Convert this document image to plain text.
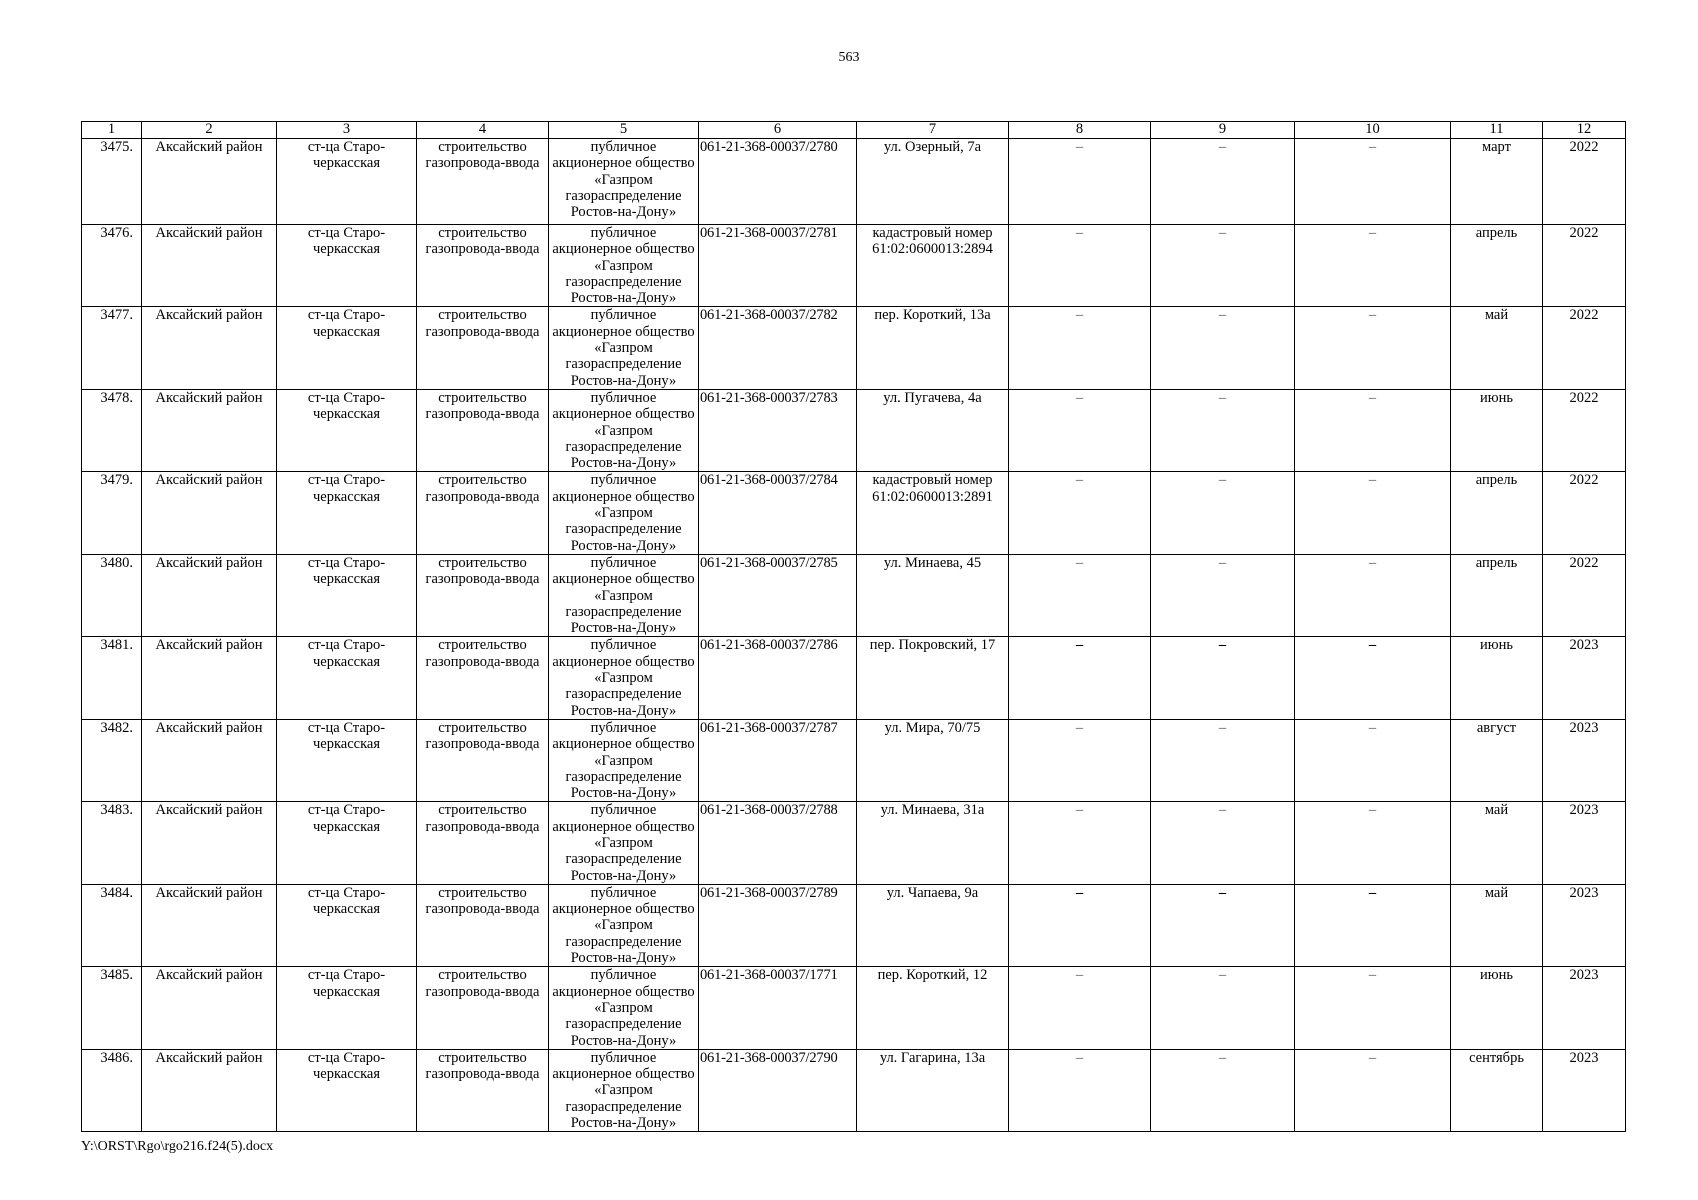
563
1	2	3	4	5	6	7	8	9	10	11	12
3475.	Аксайский район	ст-ца Старо-черкасская	строительство газопровода-ввода	публичное акционерное общество «Газпром газораспределение Ростов-на-Дону»	061-21-368-00037/2780	ул. Озерный, 7а	–	–	–	март	2022
3476.	Аксайский район	ст-ца Старо-черкасская	строительство газопровода-ввода	публичное акционерное общество «Газпром газораспределение Ростов-на-Дону»	061-21-368-00037/2781	кадастровый номер 61:02:0600013:2894	–	–	–	апрель	2022
3477.	Аксайский район	ст-ца Старо-черкасская	строительство газопровода-ввода	публичное акционерное общество «Газпром газораспределение Ростов-на-Дону»	061-21-368-00037/2782	пер. Короткий, 13а	–	–	–	май	2022
3478.	Аксайский район	ст-ца Старо-черкасская	строительство газопровода-ввода	публичное акционерное общество «Газпром газораспределение Ростов-на-Дону»	061-21-368-00037/2783	ул. Пугачева, 4а	–	–	–	июнь	2022
3479.	Аксайский район	ст-ца Старо-черкасская	строительство газопровода-ввода	публичное акционерное общество «Газпром газораспределение Ростов-на-Дону»	061-21-368-00037/2784	кадастровый номер 61:02:0600013:2891	–	–	–	апрель	2022
3480.	Аксайский район	ст-ца Старо-черкасская	строительство газопровода-ввода	публичное акционерное общество «Газпром газораспределение Ростов-на-Дону»	061-21-368-00037/2785	ул. Минаева, 45	–	–	–	апрель	2022
3481.	Аксайский район	ст-ца Старо-черкасская	строительство газопровода-ввода	публичное акционерное общество «Газпром газораспределение Ростов-на-Дону»	061-21-368-00037/2786	пер. Покровский, 17	–	–	–	июнь	2023
3482.	Аксайский район	ст-ца Старо-черкасская	строительство газопровода-ввода	публичное акционерное общество «Газпром газораспределение Ростов-на-Дону»	061-21-368-00037/2787	ул. Мира, 70/75	–	–	–	август	2023
3483.	Аксайский район	ст-ца Старо-черкасская	строительство газопровода-ввода	публичное акционерное общество «Газпром газораспределение Ростов-на-Дону»	061-21-368-00037/2788	ул. Минаева, 31а	–	–	–	май	2023
3484.	Аксайский район	ст-ца Старо-черкасская	строительство газопровода-ввода	публичное акционерное общество «Газпром газораспределение Ростов-на-Дону»	061-21-368-00037/2789	ул. Чапаева, 9а	–	–	–	май	2023
3485.	Аксайский район	ст-ца Старо-черкасская	строительство газопровода-ввода	публичное акционерное общество «Газпром газораспределение Ростов-на-Дону»	061-21-368-00037/1771	пер. Короткий, 12	–	–	–	июнь	2023
3486.	Аксайский район	ст-ца Старо-черкасская	строительство газопровода-ввода	публичное акционерное общество «Газпром газораспределение Ростов-на-Дону»	061-21-368-00037/2790	ул. Гагарина, 13а	–	–	–	сентябрь	2023
Y:\ORST\Rgo\rgo216.f24(5).docx
